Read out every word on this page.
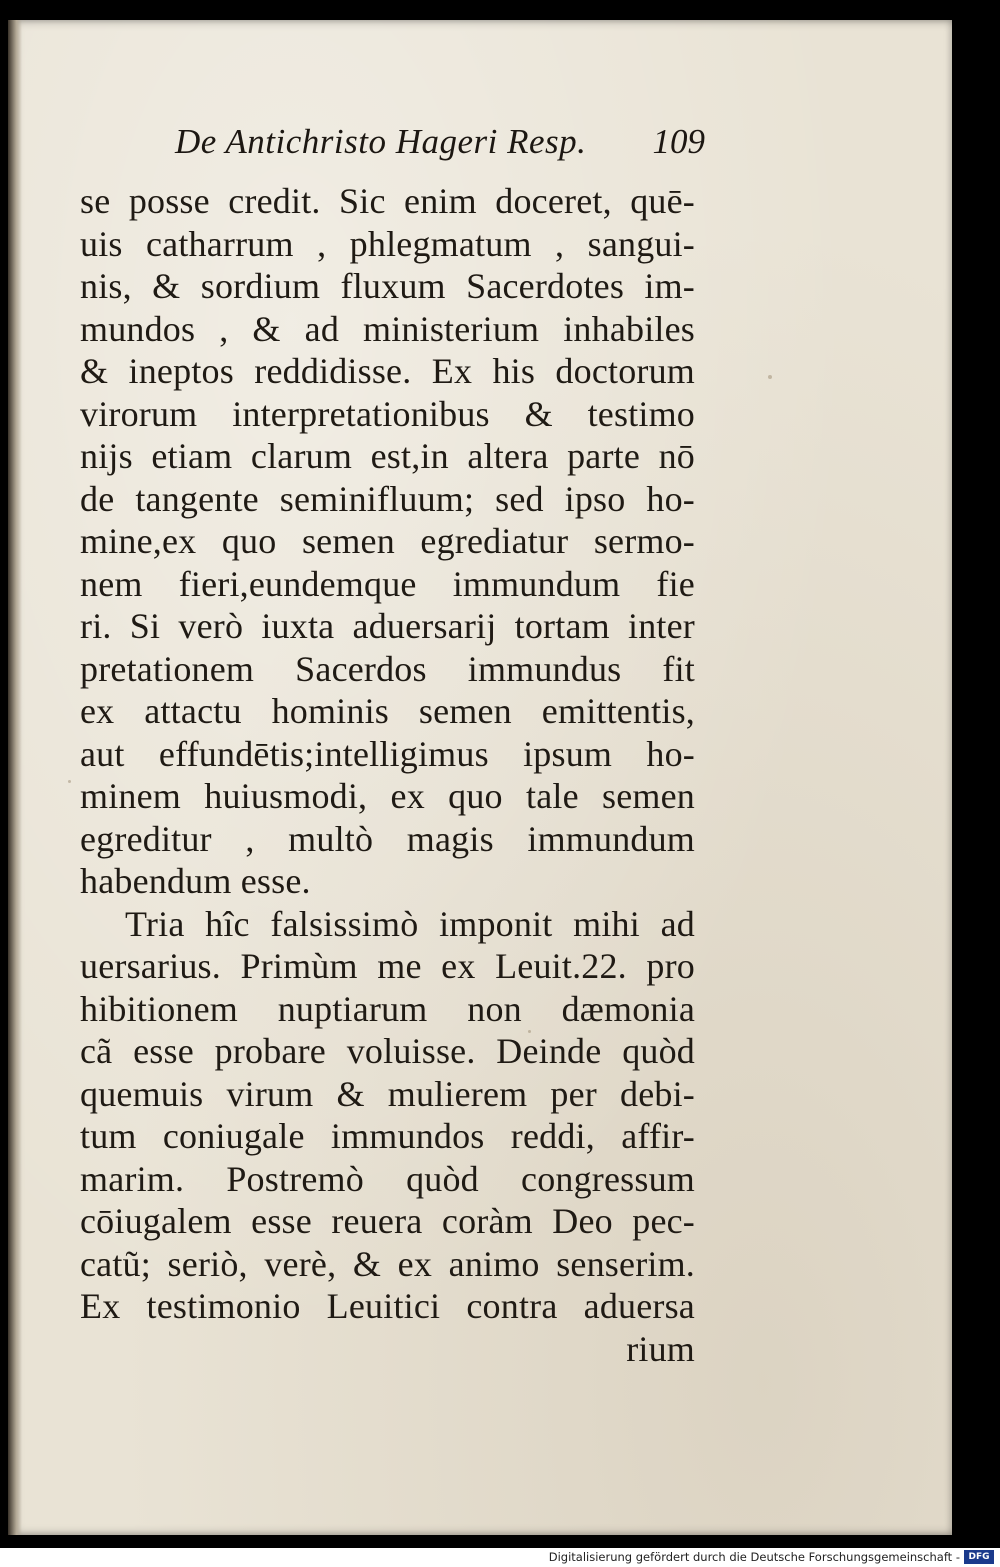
De Antichristo Hageri Resp. 109
se posse credit. Sic enim doceret, quē-
uis catharrum , phlegmatum , sangui-
nis, & sordium fluxum Sacerdotes im-
mundos , & ad ministerium inhabiles
& ineptos reddidisse. Ex his doctorum
virorum interpretationibus & testimo
nijs etiam clarum est,in altera parte nō
de tangente seminifluum; sed ipso ho-
mine,ex quo semen egrediatur sermo-
nem fieri,eundemque immundum fie
ri. Si verò iuxta aduersarij tortam inter
pretationem Sacerdos immundus fit
ex attactu hominis semen emittentis,
aut effundētis;intelligimus ipsum ho-
minem huiusmodi, ex quo tale semen
egreditur , multò magis immundum
habendum esse.
Tria hîc falsissimò imponit mihi ad
uersarius. Primùm me ex Leuit.22. pro
hibitionem nuptiarum non dæmonia
cã esse probare voluisse. Deinde quòd
quemuis virum & mulierem per debi-
tum coniugale immundos reddi, affir-
marim. Postremò quòd congressum
cōiugalem esse reuera coràm Deo pec-
catũ; seriò, verè, & ex animo senserim.
Ex testimonio Leuitici contra aduersa
rium
Digitalisierung gefördert durch die Deutsche Forschungsgemeinschaft - DFG
